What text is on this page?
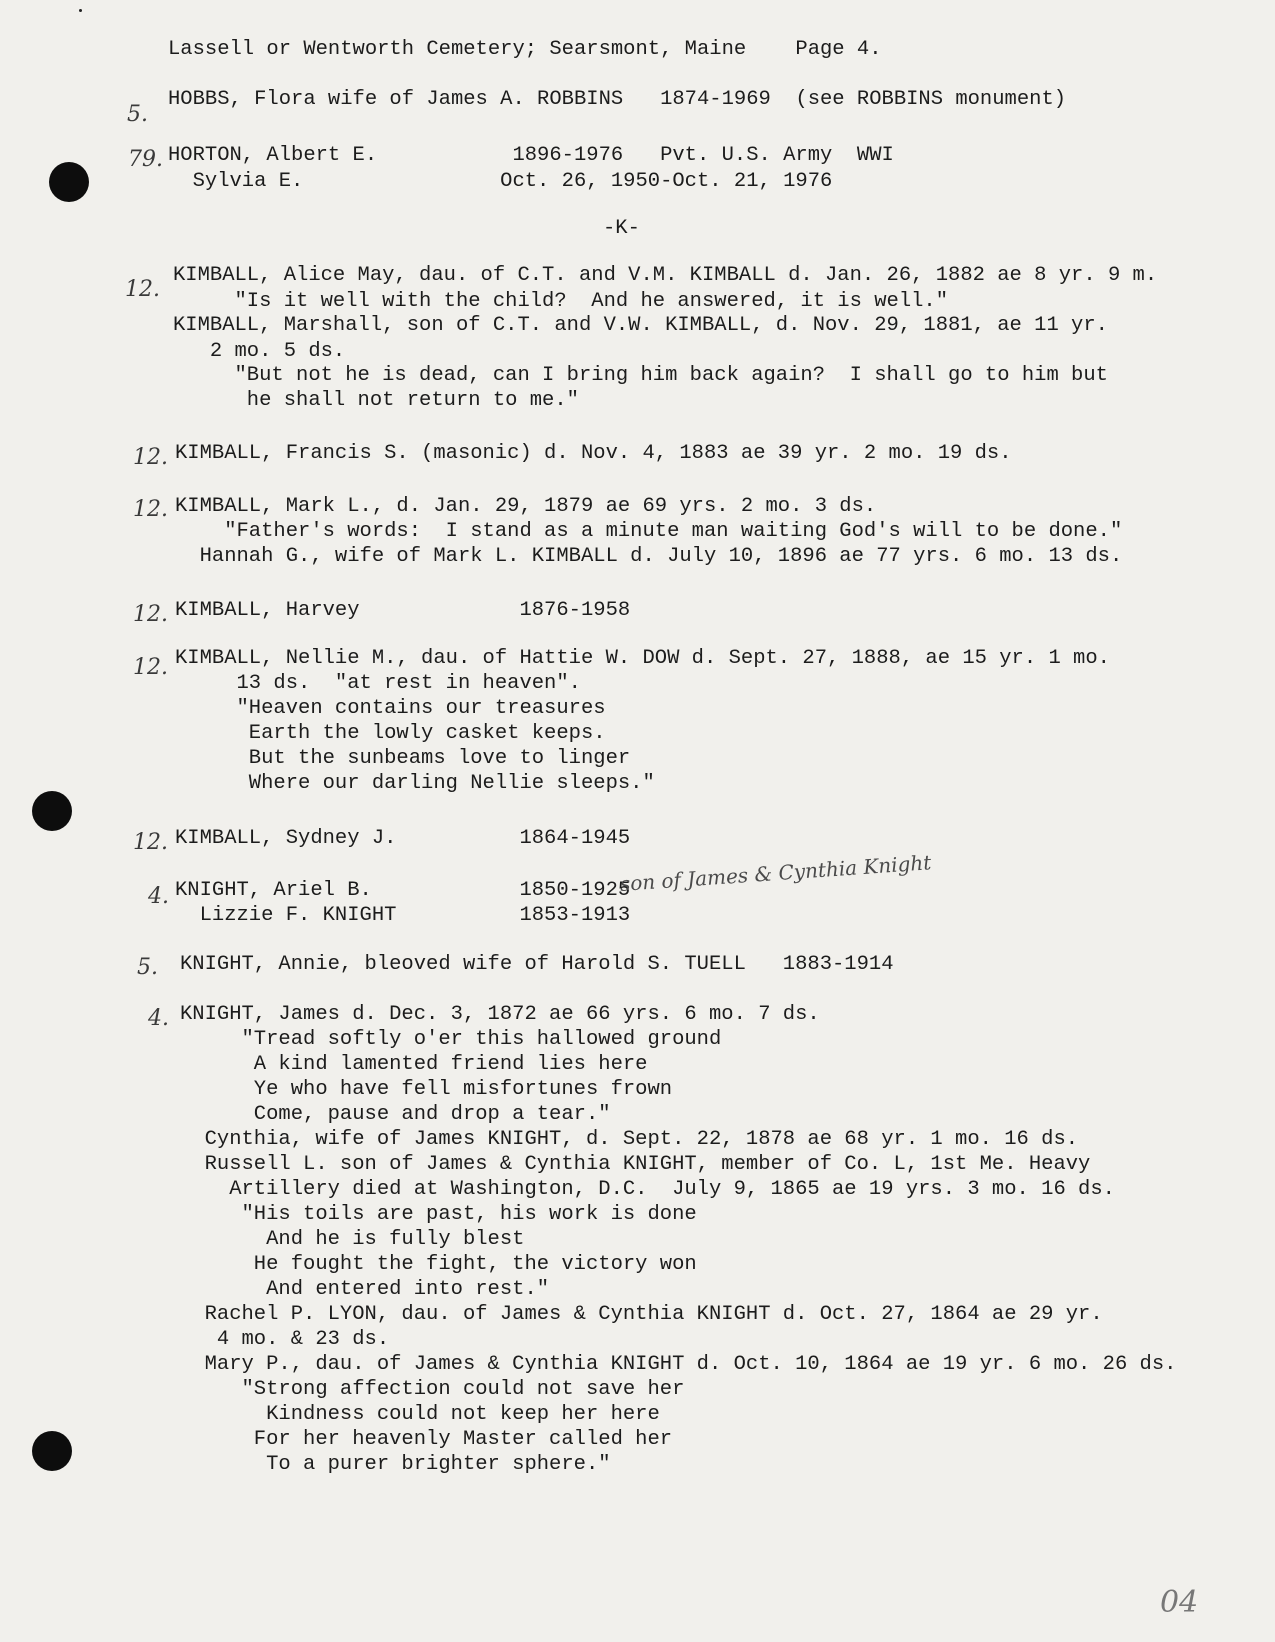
Lassell or Wentworth Cemetery; Searsmont, Maine    Page 4.
5.
HOBBS, Flora wife of James A. ROBBINS   1874-1969  (see ROBBINS monument)
79. HORTON, Albert E.           1896-1976   Pvt. U.S. Army  WWI
Sylvia E.                Oct. 26, 1950-Oct. 21, 1976
-K-
12.
KIMBALL, Alice May, dau. of C.T. and V.M. KIMBALL d. Jan. 26, 1882 ae 8 yr. 9 m.
"Is it well with the child?  And he answered, it is well."
KIMBALL, Marshall, son of C.T. and V.W. KIMBALL, d. Nov. 29, 1881, ae 11 yr.
2 mo. 5 ds.
"But not he is dead, can I bring him back again?  I shall go to him but
he shall not return to me."
12. KIMBALL, Francis S. (masonic) d. Nov. 4, 1883 ae 39 yr. 2 mo. 19 ds.
12. KIMBALL, Mark L., d. Jan. 29, 1879 ae 69 yrs. 2 mo. 3 ds.
"Father's words:  I stand as a minute man waiting God's will to be done."
Hannah G., wife of Mark L. KIMBALL d. July 10, 1896 ae 77 yrs. 6 mo. 13 ds.
12. KIMBALL, Harvey             1876-1958
12. KIMBALL, Nellie M., dau. of Hattie W. DOW d. Sept. 27, 1888, ae 15 yr. 1 mo.
13 ds.  "at rest in heaven".
"Heaven contains our treasures
Earth the lowly casket keeps.
But the sunbeams love to linger
Where our darling Nellie sleeps."
12. KIMBALL, Sydney J.          1864-1945
4. KNIGHT, Ariel B.            1850-1925
Lizzie F. KNIGHT          1853-1913
son of James & Cynthia Knight
5. KNIGHT, Annie, bleoved wife of Harold S. TUELL   1883-1914
4. KNIGHT, James d. Dec. 3, 1872 ae 66 yrs. 6 mo. 7 ds.
"Tread softly o'er this hallowed ground
A kind lamented friend lies here
Ye who have fell misfortunes frown
Come, pause and drop a tear."
Cynthia, wife of James KNIGHT, d. Sept. 22, 1878 ae 68 yr. 1 mo. 16 ds.
Russell L. son of James & Cynthia KNIGHT, member of Co. L, 1st Me. Heavy
Artillery died at Washington, D.C.  July 9, 1865 ae 19 yrs. 3 mo. 16 ds.
"His toils are past, his work is done
And he is fully blest
He fought the fight, the victory won
And entered into rest."
Rachel P. LYON, dau. of James & Cynthia KNIGHT d. Oct. 27, 1864 ae 29 yr.
4 mo. & 23 ds.
Mary P., dau. of James & Cynthia KNIGHT d. Oct. 10, 1864 ae 19 yr. 6 mo. 26 ds.
"Strong affection could not save her
Kindness could not keep her here
For her heavenly Master called her
To a purer brighter sphere."
04
